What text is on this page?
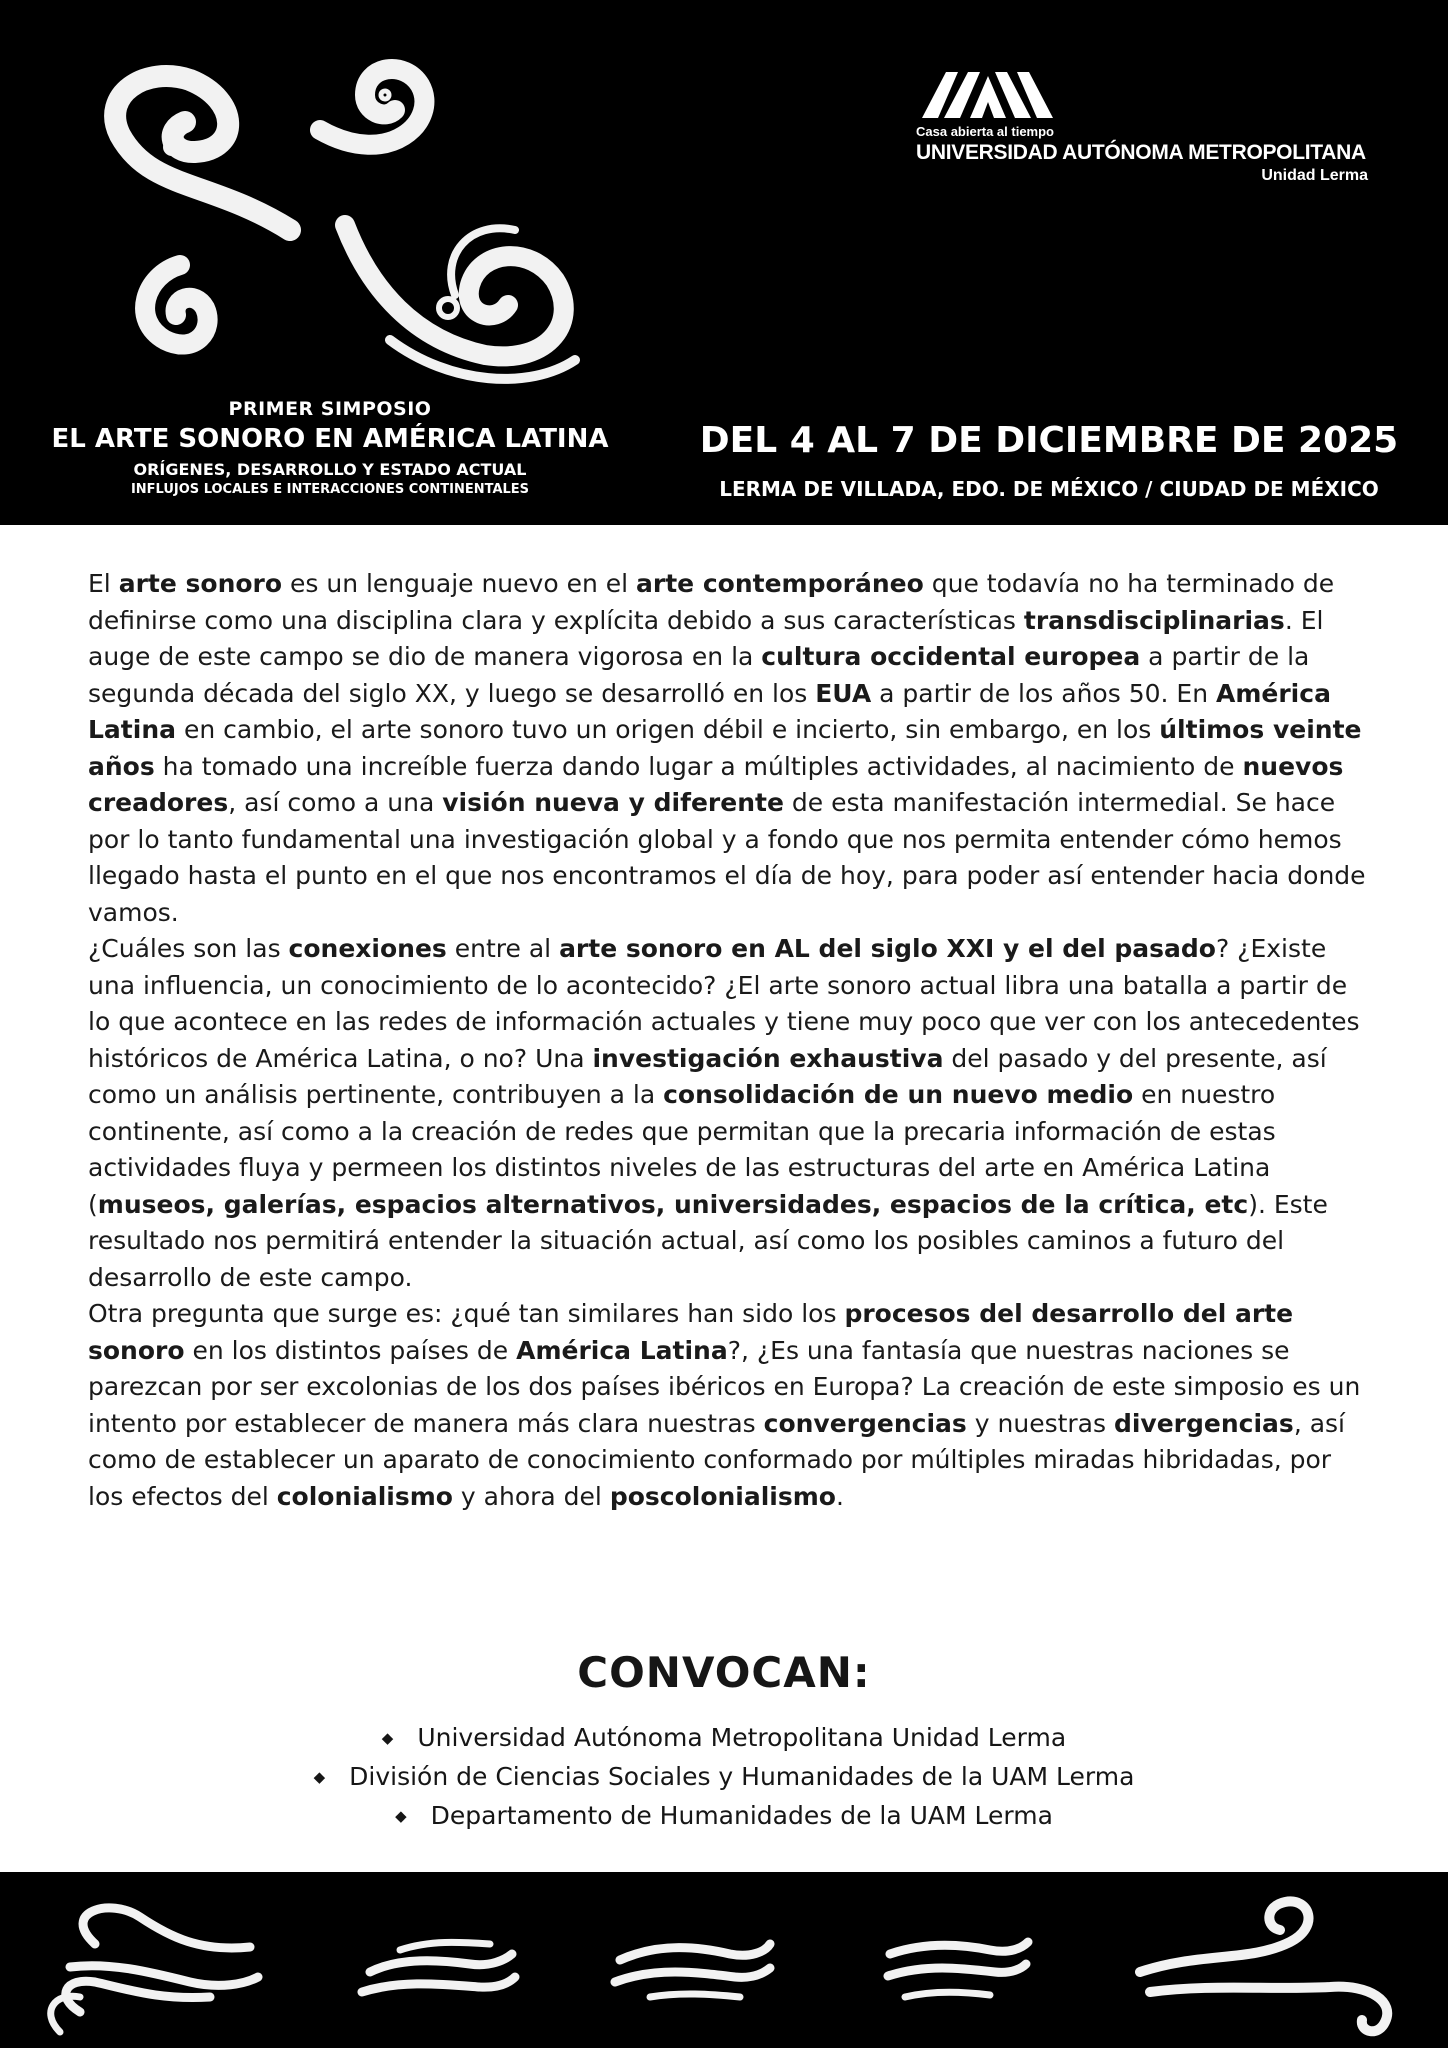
PRIMER SIMPOSIO
EL ARTE SONORO EN AMÉRICA LATINA
ORÍGENES, DESARROLLO Y ESTADO ACTUAL
INFLUJOS LOCALES E INTERACCIONES CONTINENTALES
Casa abierta al tiempo
UNIVERSIDAD AUTÓNOMA METROPOLITANA
Unidad Lerma
DEL 4 AL 7 DE DICIEMBRE DE 2025
LERMA DE VILLADA, EDO. DE MÉXICO / CIUDAD DE MÉXICO

El arte sonoro es un lenguaje nuevo en el arte contemporáneo que todavía no ha terminado de definirse como una disciplina clara y explícita debido a sus características transdisciplinarias. El auge de este campo se dio de manera vigorosa en la cultura occidental europea a partir de la segunda década del siglo XX, y luego se desarrolló en los EUA a partir de los años 50. En América Latina en cambio, el arte sonoro tuvo un origen débil e incierto, sin embargo, en los últimos veinte años ha tomado una increíble fuerza dando lugar a múltiples actividades, al nacimiento de nuevos creadores, así como a una visión nueva y diferente de esta manifestación intermedial. Se hace por lo tanto fundamental una investigación global y a fondo que nos permita entender cómo hemos llegado hasta el punto en el que nos encontramos el día de hoy, para poder así entender hacia donde vamos.

¿Cuáles son las conexiones entre al arte sonoro en AL del siglo XXI y el del pasado? ¿Existe una influencia, un conocimiento de lo acontecido? ¿El arte sonoro actual libra una batalla a partir de lo que acontece en las redes de información actuales y tiene muy poco que ver con los antecedentes históricos de América Latina, o no? Una investigación exhaustiva del pasado y del presente, así como un análisis pertinente, contribuyen a la consolidación de un nuevo medio en nuestro continente, así como a la creación de redes que permitan que la precaria información de estas actividades fluya y permeen los distintos niveles de las estructuras del arte en América Latina (museos, galerías, espacios alternativos, universidades, espacios de la crítica, etc). Este resultado nos permitirá entender la situación actual, así como los posibles caminos a futuro del desarrollo de este campo.

Otra pregunta que surge es: ¿qué tan similares han sido los procesos del desarrollo del arte sonoro en los distintos países de América Latina?, ¿Es una fantasía que nuestras naciones se parezcan por ser excolonias de los dos países ibéricos en Europa? La creación de este simposio es un intento por establecer de manera más clara nuestras convergencias y nuestras divergencias, así como de establecer un aparato de conocimiento conformado por múltiples miradas hibridadas, por los efectos del colonialismo y ahora del poscolonialismo.

CONVOCAN:
◆ Universidad Autónoma Metropolitana Unidad Lerma
◆ División de Ciencias Sociales y Humanidades de la UAM Lerma
◆ Departamento de Humanidades de la UAM Lerma
